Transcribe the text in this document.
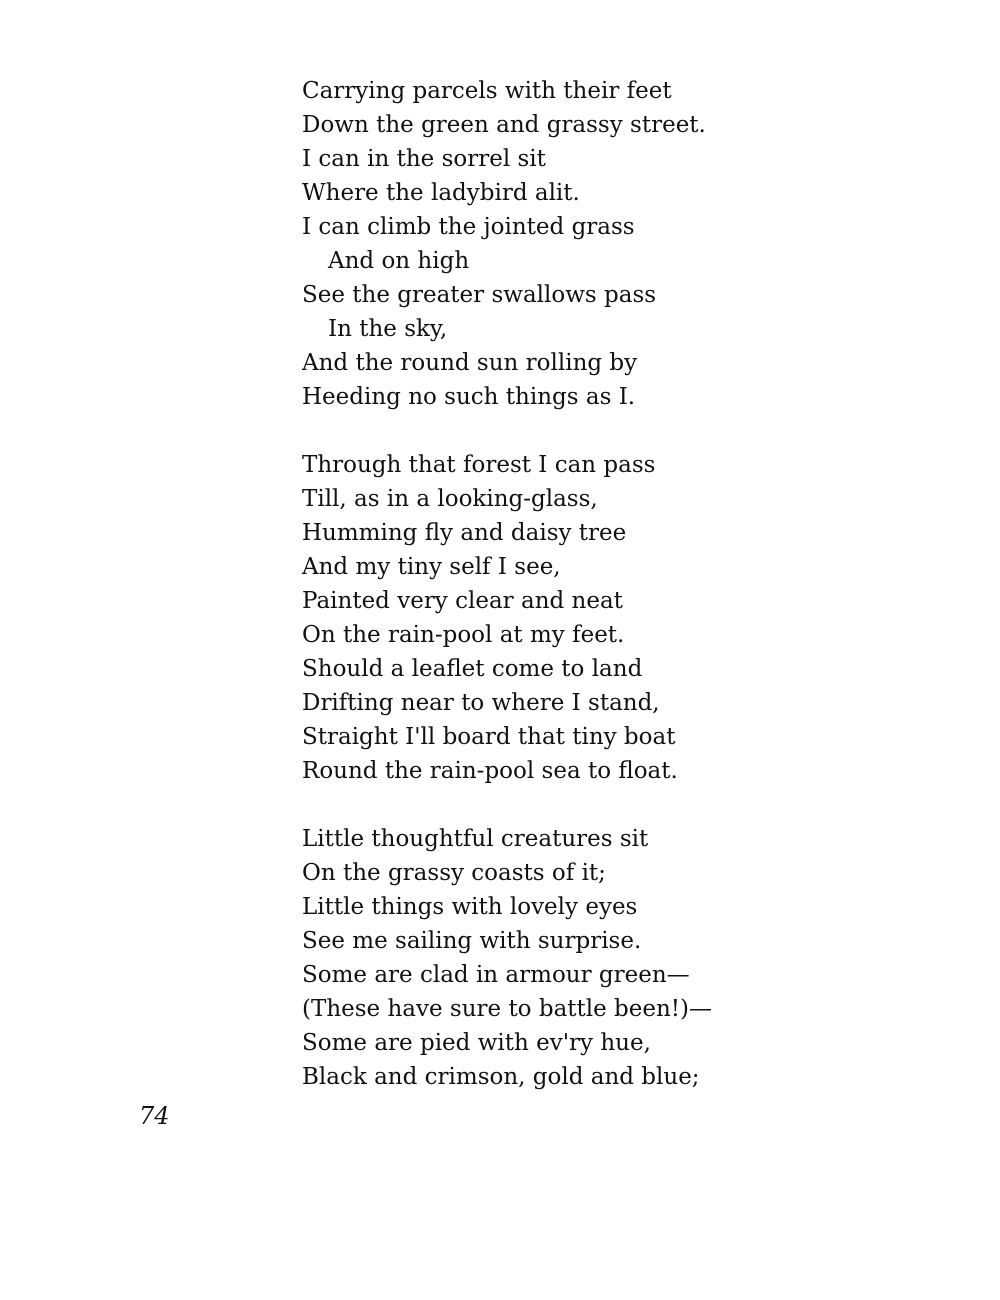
Carrying parcels with their feet
Down the green and grassy street.
I can in the sorrel sit
Where the ladybird alit.
I can climb the jointed grass
And on high
See the greater swallows pass
In the sky,
And the round sun rolling by
Heeding no such things as I.
Through that forest I can pass
Till, as in a looking-glass,
Humming fly and daisy tree
And my tiny self I see,
Painted very clear and neat
On the rain-pool at my feet.
Should a leaflet come to land
Drifting near to where I stand,
Straight I'll board that tiny boat
Round the rain-pool sea to float.
Little thoughtful creatures sit
On the grassy coasts of it;
Little things with lovely eyes
See me sailing with surprise.
Some are clad in armour green—
(These have sure to battle been!)—
Some are pied with ev'ry hue,
Black and crimson, gold and blue;
74
